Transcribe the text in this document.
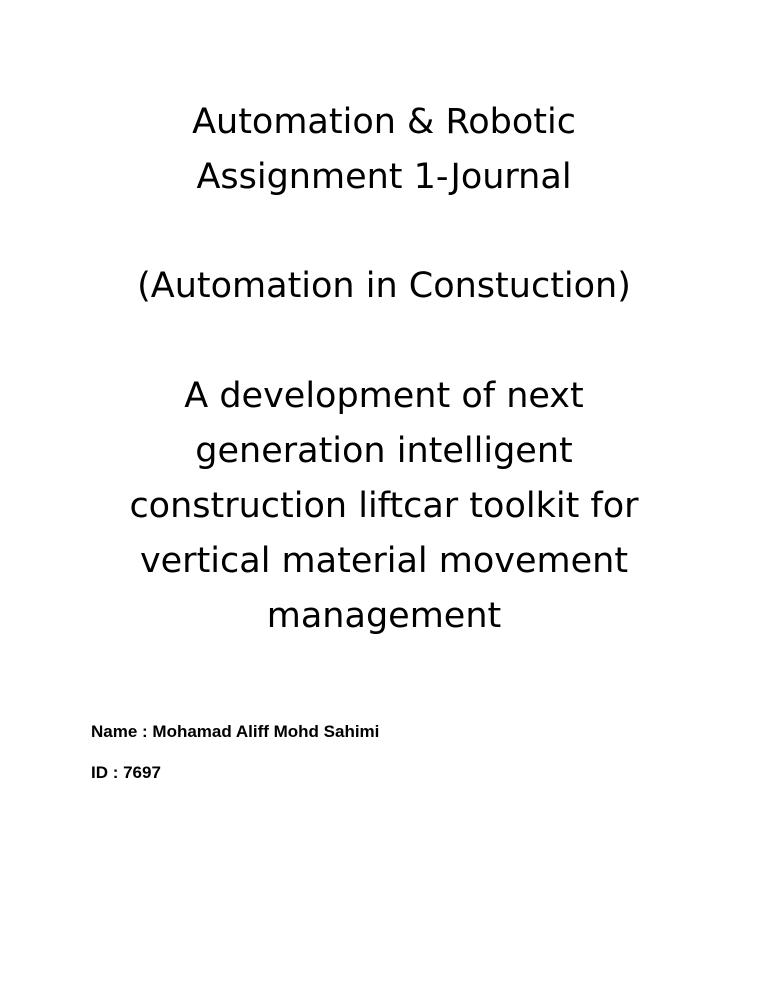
Automation & Robotic
Assignment 1-Journal
(Automation in Constuction)
A development of next
generation intelligent
construction liftcar toolkit for
vertical material movement
management
Name : Mohamad Aliff Mohd Sahimi
ID : 7697
